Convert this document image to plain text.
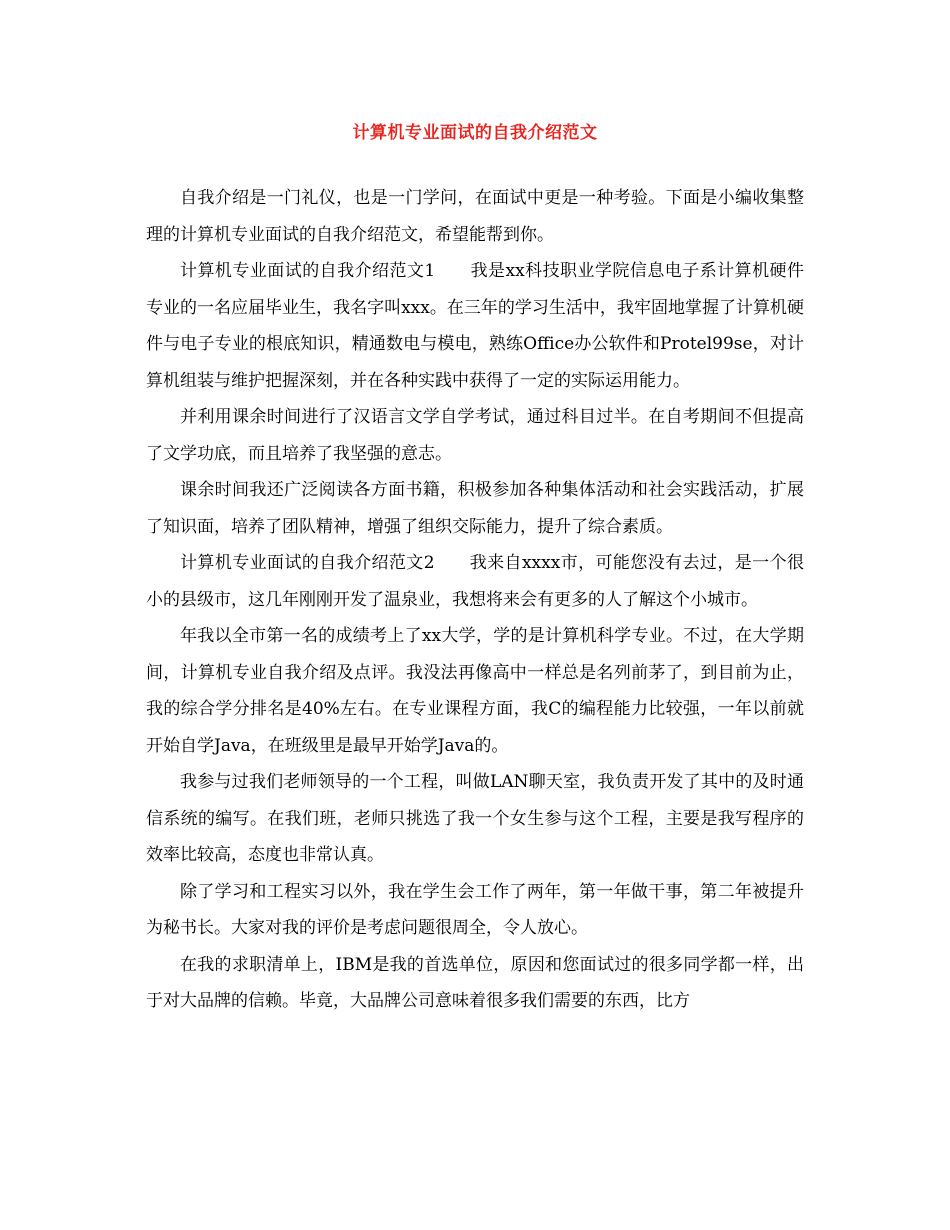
计算机专业面试的自我介绍范文

自我介绍是一门礼仪，也是一门学问，在面试中更是一种考验。下面是小编收集整理的计算机专业面试的自我介绍范文，希望能帮到你。

计算机专业面试的自我介绍范文1　　我是xx科技职业学院信息电子系计算机硬件专业的一名应届毕业生，我名字叫xxx。在三年的学习生活中，我牢固地掌握了计算机硬件与电子专业的根底知识，精通数电与模电，熟练Office办公软件和Protel99se，对计算机组装与维护把握深刻，并在各种实践中获得了一定的实际运用能力。

并利用课余时间进行了汉语言文学自学考试，通过科目过半。在自考期间不但提高了文学功底，而且培养了我坚强的意志。

课余时间我还广泛阅读各方面书籍，积极参加各种集体活动和社会实践活动，扩展了知识面，培养了团队精神，增强了组织交际能力，提升了综合素质。

计算机专业面试的自我介绍范文2　　我来自xxxx市，可能您没有去过，是一个很小的县级市，这几年刚刚开发了温泉业，我想将来会有更多的人了解这个小城市。

年我以全市第一名的成绩考上了xx大学，学的是计算机科学专业。不过，在大学期间，计算机专业自我介绍及点评。我没法再像高中一样总是名列前茅了，到目前为止，我的综合学分排名是40%左右。在专业课程方面，我C的编程能力比较强，一年以前就开始自学Java，在班级里是最早开始学Java的。

我参与过我们老师领导的一个工程，叫做LAN聊天室，我负责开发了其中的及时通信系统的编写。在我们班，老师只挑选了我一个女生参与这个工程，主要是我写程序的效率比较高，态度也非常认真。

除了学习和工程实习以外，我在学生会工作了两年，第一年做干事，第二年被提升为秘书长。大家对我的评价是考虑问题很周全，令人放心。

在我的求职清单上，IBM是我的首选单位，原因和您面试过的很多同学都一样，出于对大品牌的信赖。毕竟，大品牌公司意味着很多我们需要的东西，比方
